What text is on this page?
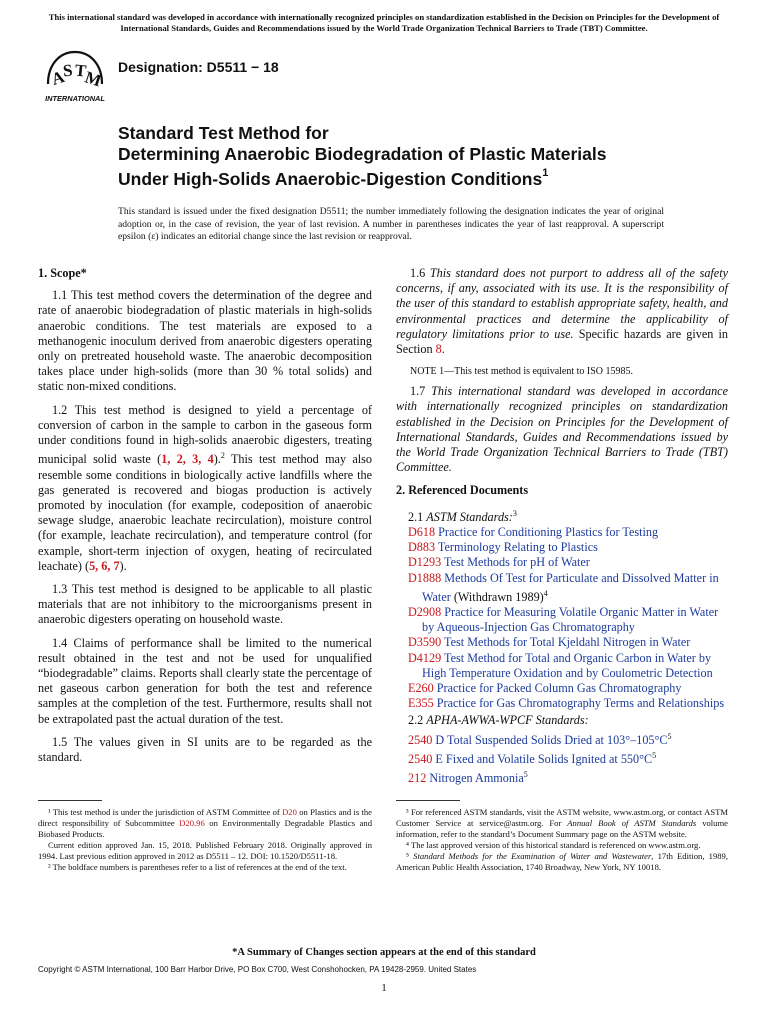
This international standard was developed in accordance with internationally recognized principles on standardization established in the Decision on Principles for the Development of International Standards, Guides and Recommendations issued by the World Trade Organization Technical Barriers to Trade (TBT) Committee.
A
S T
M
INTERNATIONAL
Designation: D5511 − 18
Standard Test Method for
Determining Anaerobic Biodegradation of Plastic Materials
Under High-Solids Anaerobic-Digestion Conditions$^1$
This standard is issued under the fixed designation D5511; the number immediately following the designation indicates the year of original adoption or, in the case of revision, the year of last revision. A number in parentheses indicates the year of last reapproval. A superscript epsilon (ε) indicates an editorial change since the last revision or reapproval.
1. Scope*

1.1 This test method covers the determination of the degree and rate of anaerobic biodegradation of plastic materials in high-solids anaerobic conditions. The test materials are exposed to a methanogenic inoculum derived from anaerobic digesters operating only on pretreated household waste. The anaerobic decomposition takes place under high-solids (more than 30 % total solids) and static non-mixed conditions.

1.2 This test method is designed to yield a percentage of conversion of carbon in the sample to carbon in the gaseous form under conditions found in high-solids anaerobic digesters, treating municipal solid waste (1, 2, 3, 4).$^2$ This test method may also resemble some conditions in biologically active landfills where the gas generated is recovered and biogas production is actively promoted by inoculation (for example, codeposition of anaerobic sewage sludge, anaerobic leachate recirculation), moisture control (for example, leachate recirculation), and temperature control (for example, short-term injection of oxygen, heating of recirculated leachate) (5, 6, 7).

1.3 This test method is designed to be applicable to all plastic materials that are not inhibitory to the microorganisms present in anaerobic digesters operating on household waste.

1.4 Claims of performance shall be limited to the numerical result obtained in the test and not be used for unqualified “biodegradable” claims. Reports shall clearly state the percentage of net gaseous carbon generation for both the test and reference samples at the completion of the test. Furthermore, results shall not be extrapolated past the actual duration of the test.

1.5 The values given in SI units are to be regarded as the standard.

¹ This test method is under the jurisdiction of ASTM Committee of D20 on Plastics and is the direct responsibility of Subcommittee D20.96 on Environmentally Degradable Plastics and Biobased Products.

Current edition approved Jan. 15, 2018. Published February 2018. Originally approved in 1994. Last previous edition approved in 2012 as D5511 – 12. DOI: 10.1520/D5511-18.

² The boldface numbers is parentheses refer to a list of references at the end of the text.

1.6 This standard does not purport to address all of the safety concerns, if any, associated with its use. It is the responsibility of the user of this standard to establish appropriate safety, health, and environmental practices and determine the applicability of regulatory limitations prior to use. Specific hazards are given in Section 8.

NOTE 1—This test method is equivalent to ISO 15985.

1.7 This international standard was developed in accordance with internationally recognized principles on standardization established in the Decision on Principles for the Development of International Standards, Guides and Recommendations issued by the World Trade Organization Technical Barriers to Trade (TBT) Committee.

2. Referenced Documents
2.1 ASTM Standards:$^3$
D618 Practice for Conditioning Plastics for Testing
D883 Terminology Relating to Plastics
D1293 Test Methods for pH of Water
D1888 Methods Of Test for Particulate and Dissolved Matter in Water (Withdrawn 1989)$^4$
D2908 Practice for Measuring Volatile Organic Matter in Water by Aqueous-Injection Gas Chromatography
D3590 Test Methods for Total Kjeldahl Nitrogen in Water
D4129 Test Method for Total and Organic Carbon in Water by High Temperature Oxidation and by Coulometric Detection
E260 Practice for Packed Column Gas Chromatography
E355 Practice for Gas Chromatography Terms and Relationships
2.2 APHA-AWWA-WPCF Standards:
2540 D Total Suspended Solids Dried at $103^\circ-105^\circ C^5$
2540 E Fixed and Volatile Solids Ignited at $550^\circ C^5$
212 Nitrogen Ammonia$^5$

³ For referenced ASTM standards, visit the ASTM website, www.astm.org, or contact ASTM Customer Service at service@astm.org. For Annual Book of ASTM Standards volume information, refer to the standard’s Document Summary page on the ASTM website.

⁴ The last approved version of this historical standard is referenced on www.astm.org.

⁵ Standard Methods for the Examination of Water and Wastewater, 17th Edition, 1989, American Public Health Association, 1740 Broadway, New York, NY 10018.

*A Summary of Changes section appears at the end of this standard
Copyright © ASTM International, 100 Barr Harbor Drive, PO Box C700, West Conshohocken, PA 19428-2959. United States
1
